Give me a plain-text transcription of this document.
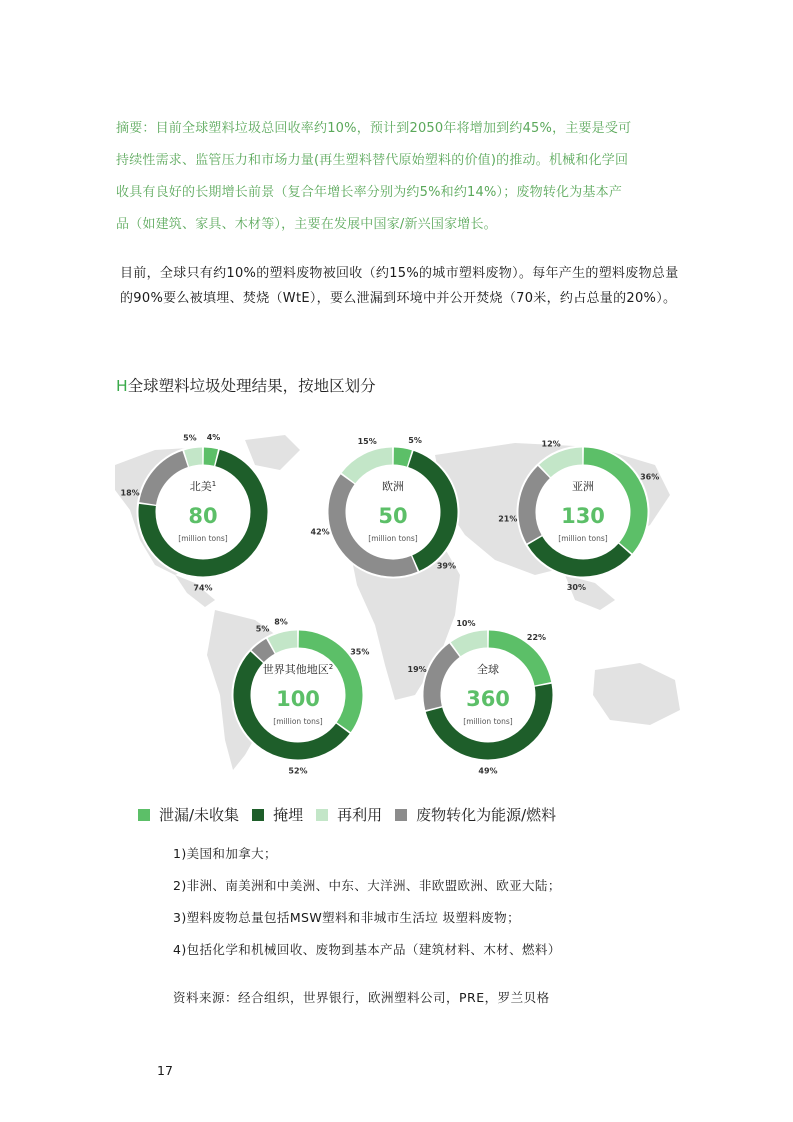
摘要：目前全球塑料垃圾总回收率约10%，预计到2050年将增加到约45%，主要是受可
持续性需求、监管压力和市场力量(再生塑料替代原始塑料的价值)的推动。机械和化学回
收具有良好的长期增长前景（复合年增长率分别为约5%和约14%）；废物转化为基本产
品（如建筑、家具、木材等），主要在发展中国家/新兴国家增长。
目前，全球只有约10%的塑料废物被回收（约15%的城市塑料废物）。每年产生的塑料废物总量的90%要么被填埋、焚烧（WtE），要么泄漏到环境中并公开焚烧（70米，约占总量的20%）。
H全球塑料垃圾处理结果，按地区划分
4%
74%
18%
5%
北美$^1$
80
[million tons]
5%
39%
42%
15%
欧洲
50
[million tons]
36%
30%
21%
12%
亚洲
130
[million tons]
35%
52%
5%
8%
世界其他地区$^2$
100
[million tons]
22%
49%
19%
10%
全球
360
[million tons]
泄漏/未收集 掩埋 再利用 废物转化为能源/燃料
1)美国和加拿大；
2)非洲、南美洲和中美洲、中东、大洋洲、非欧盟欧洲、欧亚大陆；
3)塑料废物总量包括MSW塑料和非城市生活垃 圾塑料废物；
4)包括化学和机械回收、废物到基本产品（建筑材料、木材、燃料）
资料来源：经合组织，世界银行，欧洲塑料公司，PRE，罗兰贝格
17
